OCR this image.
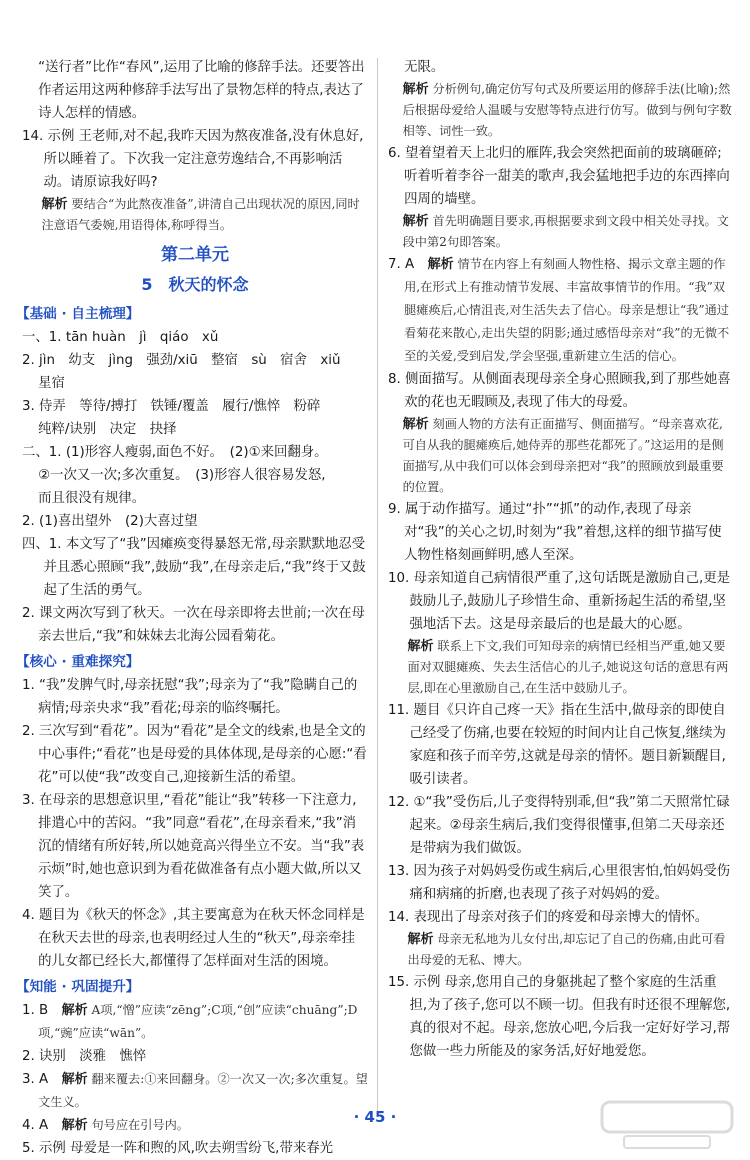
“送行者”比作“春风”,运用了比喻的修辞手法。还要答出作者运用这两种修辞手法写出了景物怎样的特点,表达了诗人怎样的情感。

14. 示例 王老师,对不起,我昨天因为熬夜准备,没有休息好,所以睡着了。下次我一定注意劳逸结合,不再影响活动。请原谅我好吗?

解析 要结合“为此熬夜准备”,讲清自己出现状况的原因,同时注意语气委婉,用语得体,称呼得当。

第二单元
5　秋天的怀念
【基础 · 自主梳理】

一、1. tān huàn　jì　qiáo　xǔ

2. jìn　幼支　jìng　强劲/xiū　整宿　sù　宿舍　xiǔ

星宿

3. 侍弄　等待/搏打　铁锤/覆盖　履行/憔悴　粉碎

纯粹/诀别　决定　抉择

二、1. (1)形容人瘦弱,面色不好。　(2)①来回翻身。

②一次又一次;多次重复。　(3)形容人很容易发怒,

而且很没有规律。

2. (1)喜出望外　(2)大喜过望

四、1. 本文写了“我”因瘫痪变得暴怒无常,母亲默默地忍受并且悉心照顾“我”,鼓励“我”,在母亲走后,“我”终于又鼓起了生活的勇气。

2. 课文两次写到了秋天。一次在母亲即将去世前;一次在母亲去世后,“我”和妹妹去北海公园看菊花。

【核心 · 重难探究】

1. “我”发脾气时,母亲抚慰“我”;母亲为了“我”隐瞒自己的病情;母亲央求“我”看花;母亲的临终嘱托。

2. 三次写到“看花”。因为“看花”是全文的线索,也是全文的中心事件;“看花”也是母爱的具体体现,是母亲的心愿:“看花”可以使“我”改变自己,迎接新生活的希望。

3. 在母亲的思想意识里,“看花”能让“我”转移一下注意力,排遣心中的苦闷。“我”同意“看花”,在母亲看来,“我”消沉的情绪有所好转,所以她竟高兴得坐立不安。当“我”表示烦”时,她也意识到为看花做准备有点小题大做,所以又笑了。

4. 题目为《秋天的怀念》,其主要寓意为在秋天怀念同样是在秋天去世的母亲,也表明经过人生的“秋天”,母亲牵挂的儿女都已经长大,都懂得了怎样面对生活的困境。

【知能 · 巩固提升】

1. B　解析 A项,“憎”应读“zēng”;C项,“创”应读“chuāng”;D项,“豌”应读“wān”。

2. 诀别　淡雅　憔悴

3. A　解析 翻来覆去:①来回翻身。②一次又一次;多次重复。望文生义。

4. A　解析 句号应在引号内。

5. 示例 母爱是一阵和煦的风,吹去朔雪纷飞,带来春光

无限。

解析 分析例句,确定仿写句式及所要运用的修辞手法(比喻);然后根据母爱给人温暖与安慰等特点进行仿写。做到与例句字数相等、词性一致。

6. 望着望着天上北归的雁阵,我会突然把面前的玻璃砸碎;听着听着李谷一甜美的歌声,我会猛地把手边的东西摔向四周的墙壁。

解析 首先明确题目要求,再根据要求到文段中相关处寻找。文段中第2句即答案。

7. A　解析 情节在内容上有刻画人物性格、揭示文章主题的作用,在形式上有推动情节发展、丰富故事情节的作用。“我”双腿瘫痪后,心情沮丧,对生活失去了信心。母亲是想让“我”通过看菊花来散心,走出失望的阴影;通过感悟母亲对“我”的无微不至的关爱,受到启发,学会坚强,重新建立生活的信心。

8. 侧面描写。从侧面表现母亲全身心照顾我,到了那些她喜欢的花也无暇顾及,表现了伟大的母爱。

解析 刻画人物的方法有正面描写、侧面描写。“母亲喜欢花,可自从我的腿瘫痪后,她侍弄的那些花都死了。”这运用的是侧面描写,从中我们可以体会到母亲把对“我”的照顾放到最重要的位置。

9. 属于动作描写。通过“扑”“抓”的动作,表现了母亲对“我”的关心之切,时刻为“我”着想,这样的细节描写使人物性格刻画鲜明,感人至深。

10. 母亲知道自己病情很严重了,这句话既是激励自己,更是鼓励儿子,鼓励儿子珍惜生命、重新扬起生活的希望,坚强地活下去。这是母亲最后的也是最大的心愿。

解析 联系上下文,我们可知母亲的病情已经相当严重,她又要面对双腿瘫痪、失去生活信心的儿子,她说这句话的意思有两层,即在心里激励自己,在生活中鼓励儿子。

11. 题目《只许自己疼一天》指在生活中,做母亲的即使自己经受了伤痛,也要在较短的时间内让自己恢复,继续为家庭和孩子而辛劳,这就是母亲的情怀。题目新颖醒目,吸引读者。

12. ①“我”受伤后,儿子变得特别乖,但“我”第二天照常忙碌起来。②母亲生病后,我们变得很懂事,但第二天母亲还是带病为我们做饭。

13. 因为孩子对妈妈受伤或生病后,心里很害怕,怕妈妈受伤痛和病痛的折磨,也表现了孩子对妈妈的爱。

14. 表现出了母亲对孩子们的疼爱和母亲博大的情怀。

解析 母亲无私地为儿女付出,却忘记了自己的伤痛,由此可看出母爱的无私、博大。

15. 示例 母亲,您用自己的身躯挑起了整个家庭的生活重担,为了孩子,您可以不顾一切。但我有时还很不理解您,真的很对不起。母亲,您放心吧,今后我一定好好学习,帮您做一些力所能及的家务活,好好地爱您。

· 45 ·
